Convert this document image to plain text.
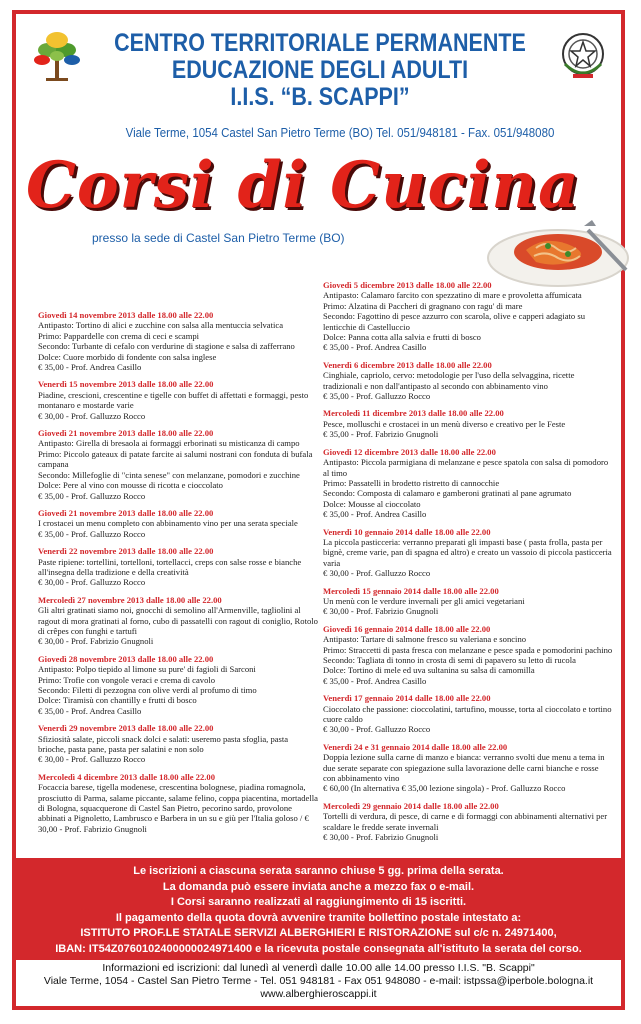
CENTRO TERRITORIALE PERMANENTE
EDUCAZIONE DEGLI ADULTI
I.I.S. “B. SCAPPI”
Viale Terme, 1054 Castel San Pietro Terme (BO) Tel. 051/948181 - Fax. 051/948080
Corsi di Cucina
presso la sede di Castel San Pietro Terme (BO)
Giovedì 14 novembre 2013 dalle 18.00 alle 22.00
Antipasto: Tortino di alici e zucchine con salsa alla mentuccia selvatica
Primo: Pappardelle con crema di ceci e scampi
Secondo: Turbante di cefalo con verdurine di stagione e salsa di zafferrano
Dolce: Cuore morbido di fondente con salsa inglese
€ 35,00 - Prof. Andrea Casillo
Venerdì 15 novembre 2013 dalle 18.00 alle 22.00
Piadine, crescioni, crescentine e tigelle con buffet di affettati e formaggi, pesto montanaro e mostarde varie
€ 30,00 - Prof. Galluzzo Rocco
Giovedì 21 novembre 2013 dalle 18.00 alle 22.00
Antipasto: Girella di bresaola ai formaggi erborinati su misticanza di campo
Primo: Piccolo gateaux di patate farcite ai salumi nostrani con fonduta di bufala campana
Secondo: Millefoglie di "cinta senese" con melanzane, pomodori e zucchine
Dolce: Pere al vino con mousse di ricotta e cioccolato
€ 35,00 - Prof. Galluzzo Rocco
Giovedì 21 novembre 2013 dalle 18.00 alle 22.00
I crostacei un menu completo con abbinamento vino per una serata speciale
€ 35,00 - Prof. Galluzzo Rocco
Venerdì 22 novembre 2013 dalle 18.00 alle 22.00
Paste ripiene: tortellini, tortelloni, tortellacci, creps con salse rosse e bianche all'insegna della tradizione e della creatività
€ 30,00 - Prof. Galluzzo Rocco
Mercoledì 27 novembre 2013 dalle 18.00 alle 22.00
Gli altri gratinati siamo noi, gnocchi di semolino all'Armenville, tagliolini al ragout di mora gratinati al forno, cubo di passatelli con ragout di coniglio, Rotolo di crêpes con funghi e tartufi
€ 30,00 - Prof. Fabrizio Gnugnoli
Giovedì 28 novembre 2013 dalle 18.00 alle 22.00
Antipasto: Polpo tiepido al limone su pure' di fagioli di Sarconi
Primo: Trofie con vongole veraci e crema di cavolo
Secondo: Filetti di pezzogna con olive verdi al profumo di timo
Dolce: Tiramisù con chantilly e frutti di bosco
€ 35,00 - Prof. Andrea Casillo
Venerdì 29 novembre 2013 dalle 18.00 alle 22.00
Sfiziosità salate, piccoli snack dolci e salati: useremo pasta sfoglia, pasta brioche, pasta pane, pasta per salatini e non solo
€ 30,00 - Prof. Galluzzo Rocco
Mercoledì 4 dicembre 2013 dalle 18.00 alle 22.00
Focaccia barese, tigella modenese, crescentina bolognese, piadina romagnola, prosciutto di Parma, salame piccante, salame felino, coppa piacentina, mortadella di Bologna, squacquerone di Castel San Pietro, pecorino sardo, provolone abbinati a Pignoletto, Lambrusco e Barbera in un su e giù per l'Italia goloso / € 30,00 - Prof. Fabrizio Gnugnoli
Giovedì 5 dicembre 2013 dalle 18.00 alle 22.00
Antipasto: Calamaro farcito con spezzatino di mare e provoletta affumicata
Primo: Alzatina di Paccheri di gragnano con ragu' di mare
Secondo: Fagottino di pesce azzurro con scarola, olive e capperi adagiato su lenticchie di Castelluccio
Dolce: Panna cotta alla salvia e frutti di bosco
€ 35,00 - Prof. Andrea Casillo
Venerdì 6 dicembre 2013 dalle 18.00 alle 22.00
Cinghiale, capriolo, cervo: metodologie per l'uso della selvaggina, ricette tradizionali e non dall'antipasto al secondo con abbinamento vino
€ 35,00 - Prof. Galluzzo Rocco
Mercoledì 11 dicembre 2013 dalle 18.00 alle 22.00
Pesce, molluschi e crostacei in un menù diverso e creativo per le Feste
€ 35,00 - Prof. Fabrizio Gnugnoli
Giovedì 12 dicembre 2013 dalle 18.00 alle 22.00
Antipasto: Piccola parmigiana di melanzane e pesce spatola con salsa di pomodoro al timo
Primo: Passatelli in brodetto ristretto di cannocchie
Secondo: Composta di calamaro e gamberoni gratinati al pane agrumato
Dolce: Mousse al cioccolato
€ 35,00 - Prof. Andrea Casillo
Venerdì 10 gennaio 2014 dalle 18.00 alle 22.00
La piccola pasticceria: verranno preparati gli impasti base ( pasta frolla, pasta per bignè, creme varie, pan di spagna ed altro) e creato un vassoio di piccola pasticceria varia
€ 30,00 - Prof. Galluzzo Rocco
Mercoledì 15 gennaio 2014 dalle 18.00 alle 22.00
Un menù con le verdure invernali per gli amici vegetariani
€ 30,00 - Prof. Fabrizio Gnugnoli
Giovedì 16 gennaio 2014 dalle 18.00 alle 22.00
Antipasto: Tartare di salmone fresco su valeriana e soncino
Primo: Straccetti di pasta fresca con melanzane e pesce spada e pomodorini pachino
Secondo: Tagliata di tonno in crosta di semi di papavero su letto di rucola
Dolce: Tortino di mele ed uva sultanina su salsa di camomilla
€ 35,00 - Prof. Andrea Casillo
Venerdì 17 gennaio 2014 dalle 18.00 alle 22.00
Cioccolato che passione: cioccolatini, tartufino, mousse, torta al cioccolato e tortino cuore caldo
€ 30,00 - Prof. Galluzzo Rocco
Venerdì 24 e 31 gennaio 2014 dalle 18.00 alle 22.00
Doppia lezione sulla carne di manzo e bianca: verranno svolti due menu a tema in due serate separate con spiegazione sulla lavorazione delle carni bianche e rosse con abbinamento vino
€ 60,00 (In alternativa € 35,00 lezione singola) - Prof. Galluzzo Rocco
Mercoledì 29 gennaio 2014 dalle 18.00 alle 22.00
Tortelli di verdura, di pesce, di carne e di formaggi con abbinamenti alternativi per scaldare le fredde serate invernali
€ 30,00 - Prof. Fabrizio Gnugnoli
Le iscrizioni a ciascuna serata saranno chiuse 5 gg. prima della serata.
La domanda può essere inviata anche a mezzo fax o e-mail.
I Corsi saranno realizzati al raggiungimento di 15 iscritti.
Il pagamento della quota dovrà avvenire tramite bollettino postale intestato a:
ISTITUTO PROF.LE STATALE SERVIZI ALBERGHIERI E RISTORAZIONE sul c/c n. 24971400,
IBAN: IT54Z0760102400000024971400 e la ricevuta postale consegnata all'istituto la serata del corso.
Informazioni ed iscrizioni: dal lunedì al venerdì dalle 10.00 alle 14.00 presso I.I.S. "B. Scappi"
Viale Terme, 1054 - Castel San Pietro Terme - Tel. 051 948181 - Fax 051 948080 - e-mail: istpssa@iperbole.bologna.it
www.alberghieroscappi.it
